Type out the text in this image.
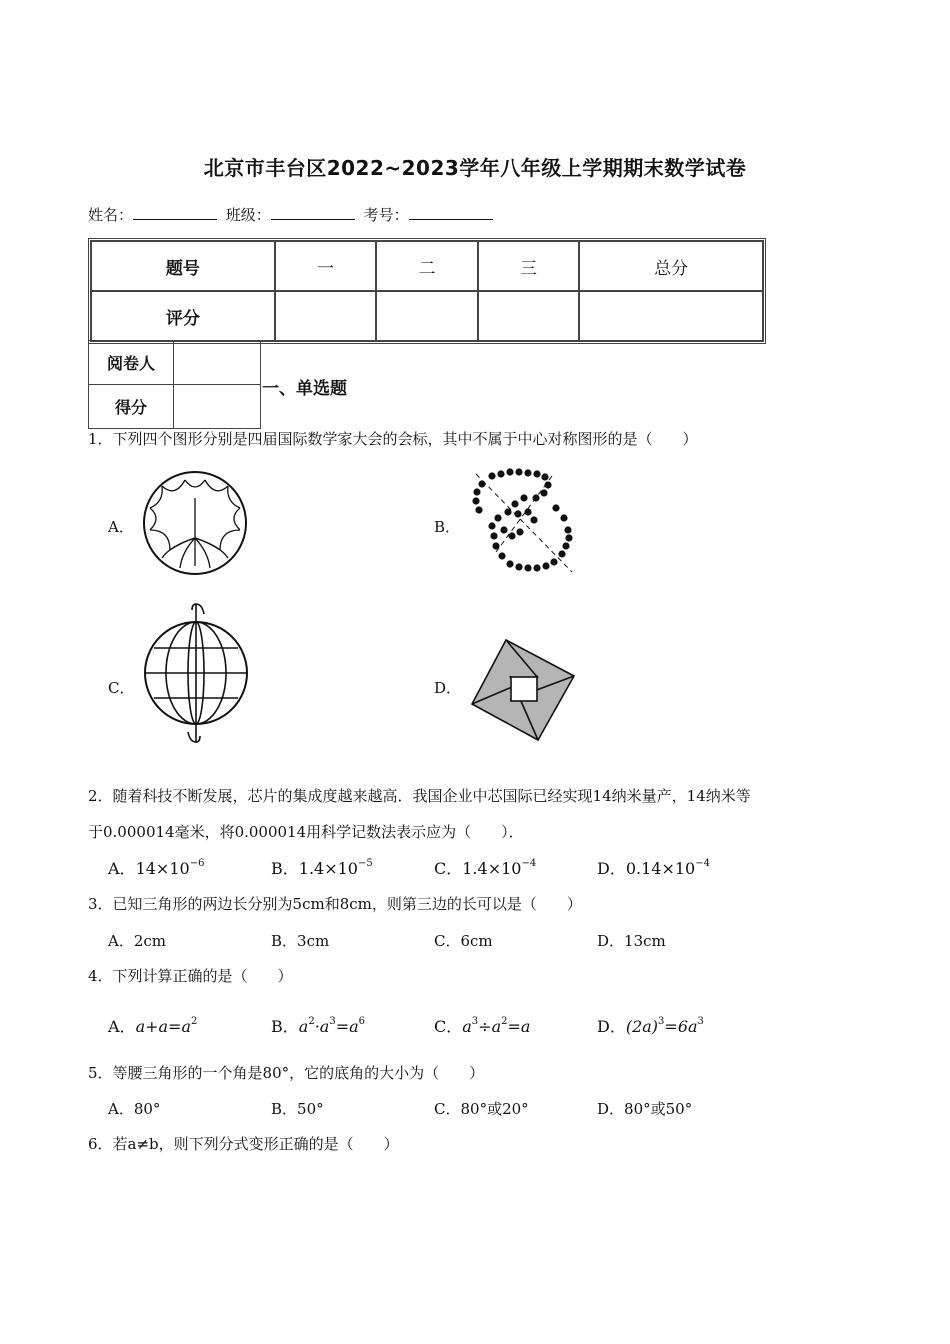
北京市丰台区2022~2023学年八年级上学期期末数学试卷
姓名：	班级：	考号：
题号	一	二	三	总分
评分				
阅卷人	
得分	
一、单选题
1．下列四个图形分别是四届国际数学家大会的会标，其中不属于中心对称图形的是（　　）
A．	B．
C．	D．
2．随着科技不断发展，芯片的集成度越来越高．我国企业中芯国际已经实现14纳米量产，14纳米等
于0.000014毫米，将0.000014用科学记数法表示应为（　　）．
A．$14\times 10^{-6}$	B．$1.4\times 10^{-5}$	C．$1.4\times 10^{-4}$	D．$0.14\times 10^{-4}$
3．已知三角形的两边长分别为5cm和8cm，则第三边的长可以是（　　）
A．2cm	B．3cm	C．6cm	D．13cm
4．下列计算正确的是（　　）
A．$a+a=a^2$	B．$a^2\cdot a^3=a^6$	C．$a^3\div a^2=a$	D．$(2a)^3=6a^3$
5．等腰三角形的一个角是80°，它的底角的大小为（　　）
A．80°	B．50°	C．80°或20°	D．80°或50°
6．若a≠b，则下列分式变形正确的是（　　）
